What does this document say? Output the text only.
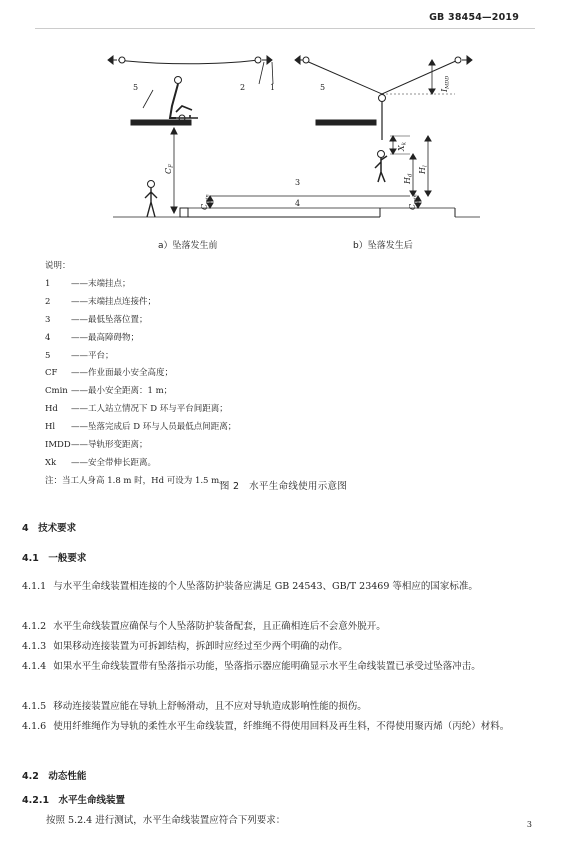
GB 38454—2019
5	2	1	5
3
4
CF
Cmin
Cmin
IMDD
Xk
Hd
Hl
a）坠落发生前	b）坠落发生后
说明：
1	—— 末端挂点；
2	—— 末端挂点连接件；
3	—— 最低坠落位置；
4	—— 最高障碍物；
5	—— 平台；
CF	—— 作业面最小安全高度；
Cmin —— 最小安全距离：1 m；
Hd	—— 工人站立情况下 D 环与平台间距离；
Hl	—— 坠落完成后 D 环与人员最低点间距离；
IMDD —— 导轨形变距离；
Xk	—— 安全带伸长距离。
注：当工人身高 1.8 m 时，Hd 可设为 1.5 m。
图 2　水平生命线使用示意图
4　技术要求
4.1　一般要求
4.1.1 与水平生命线装置相连接的个人坠落防护装备应满足 GB 24543、GB/T 23469 等相应的国家标准。
4.1.2 水平生命线装置应确保与个人坠落防护装备配套，且正确相连后不会意外脱开。
4.1.3 如果移动连接装置为可拆卸结构，拆卸时应经过至少两个明确的动作。
4.1.4 如果水平生命线装置带有坠落指示功能，坠落指示器应能明确显示水平生命线装置已承受过坠落冲击。
4.1.5 移动连接装置应能在导轨上舒畅滑动，且不应对导轨造成影响性能的损伤。
4.1.6 使用纤维绳作为导轨的柔性水平生命线装置，纤维绳不得使用回料及再生料，不得使用聚丙烯（丙纶）材料。
4.2　动态性能
4.2.1　水平生命线装置
按照 5.2.4 进行测试，水平生命线装置应符合下列要求：	3
